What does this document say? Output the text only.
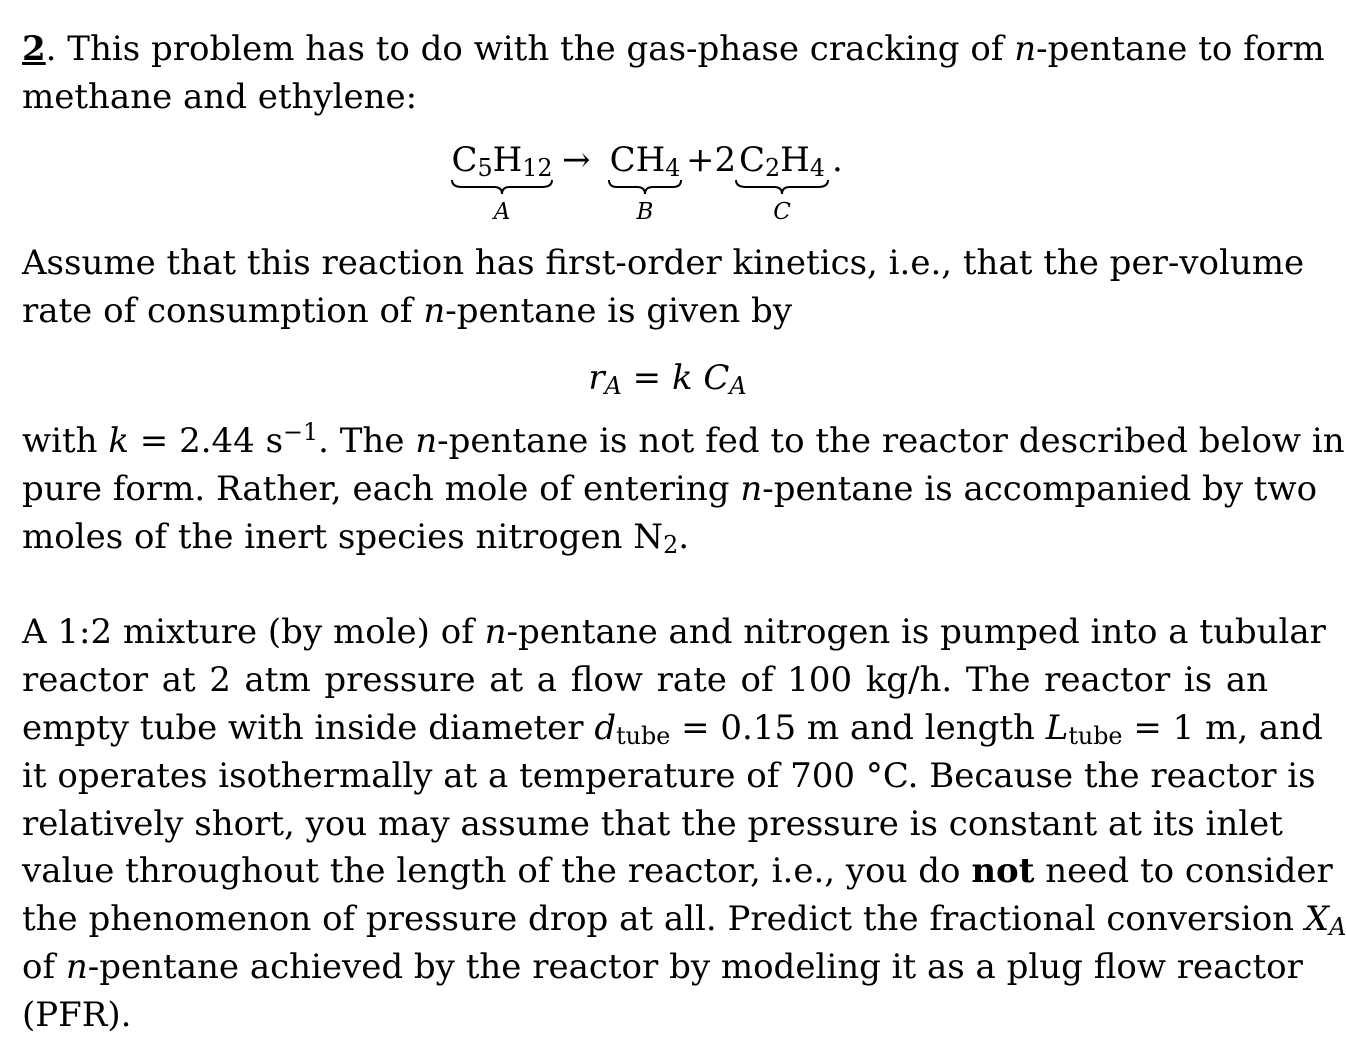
2. This problem has to do with the gas-phase cracking of n-pentane to form
methane and ethylene:
$C_5H_{12}$
A
→ $CH_4$
B
+2 $C_2H_4$
C
.
Assume that this reaction has first-order kinetics, i.e., that the per-volume
rate of consumption of n-pentane is given by
$r_A = k$ $C_A$
with k = 2.44 $s^{-1}$. The n-pentane is not fed to the reactor described below in
pure form. Rather, each mole of entering n-pentane is accompanied by two
moles of the inert species nitrogen $N_2$.
A 1:2 mixture (by mole) of n-pentane and nitrogen is pumped into a tubular
reactor at 2 atm pressure at a flow rate of 100 kg/h. The reactor is an
empty tube with inside diameter $d_{tube} = 0.15$ m and length $L_{tube} = 1$ m, and
it operates isothermally at a temperature of 700 °C. Because the reactor is
relatively short, you may assume that the pressure is constant at its inlet
value throughout the length of the reactor, i.e., you do not need to consider
the phenomenon of pressure drop at all. Predict the fractional conversion $X_A$
of n-pentane achieved by the reactor by modeling it as a plug flow reactor
(PFR).
